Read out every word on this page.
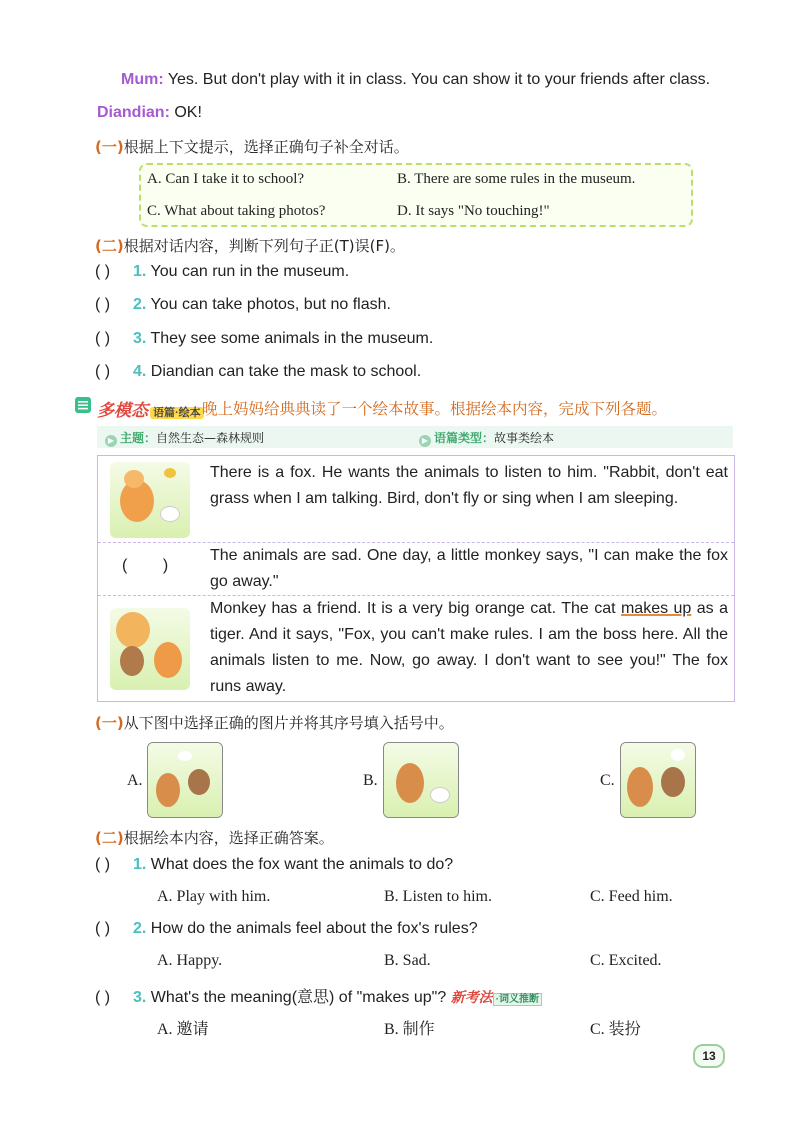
Mum: Yes. But don't play with it in class. You can show it to your friends after class.
Diandian: OK!
(一)根据上下文提示，选择正确句子补全对话。
A. Can I take it to school?	B. There are some rules in the museum.
C. What about taking photos?	D. It says "No touching!"
(二)根据对话内容，判断下列句子正(T)误(F)。
( ) 1. You can run in the museum.
( ) 2. You can take photos, but no flash.
( ) 3. They see some animals in the museum.
( ) 4. Diandian can take the mask to school.
多模态 语篇·绘本 晚上妈妈给典典读了一个绘本故事。根据绘本内容，完成下列各题。
▶ 主题：自然生态—森林规则	▶ 语篇类型：故事类绘本
There is a fox. He wants the animals to listen to him. "Rabbit, don't eat grass when I am talking. Bird, don't fly or sing when I am sleeping.
(        )
The animals are sad. One day, a little monkey says, "I can make the fox go away."
Monkey has a friend. It is a very big orange cat. The cat makes up as a tiger. And it says, "Fox, you can't make rules. I am the boss here. All the animals listen to me. Now, go away. I don't want to see you!" The fox runs away.
(一)从下图中选择正确的图片并将其序号填入括号中。
A.	B.	C.
(二)根据绘本内容，选择正确答案。
( ) 1. What does the fox want the animals to do?
A. Play with him.	B. Listen to him.	C. Feed him.
( ) 2. How do the animals feel about the fox's rules?
A. Happy.	B. Sad.	C. Excited.
( ) 3. What's the meaning(意思) of "makes up"? 新考法 ·词义推断
A. 邀请	B. 制作	C. 装扮
13
